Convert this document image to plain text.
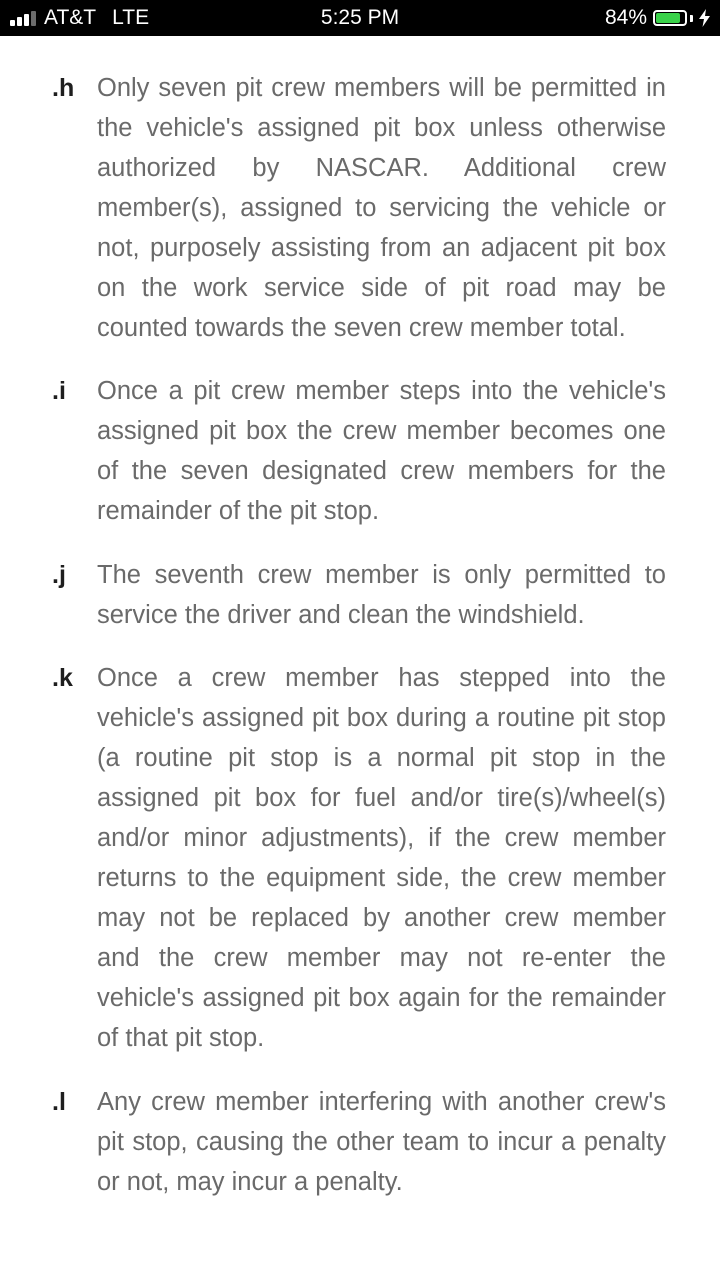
AT&T LTE	5:25 PM	84%

.h Only seven pit crew members will be permitted in the vehicle's assigned pit box unless otherwise authorized by NASCAR. Additional crew member(s), assigned to servicing the vehicle or not, purposely assisting from an adjacent pit box on the work service side of pit road may be counted towards the seven crew member total.

.i Once a pit crew member steps into the vehicle's assigned pit box the crew member becomes one of the seven designated crew members for the remainder of the pit stop.

.j The seventh crew member is only permitted to service the driver and clean the windshield.

.k Once a crew member has stepped into the vehicle's assigned pit box during a routine pit stop (a routine pit stop is a normal pit stop in the assigned pit box for fuel and/or tire(s)/wheel(s) and/or minor adjustments), if the crew member returns to the equipment side, the crew member may not be replaced by another crew member and the crew member may not re-enter the vehicle's assigned pit box again for the remainder of that pit stop.

.l Any crew member interfering with another crew's pit stop, causing the other team to incur a penalty or not, may incur a penalty.
